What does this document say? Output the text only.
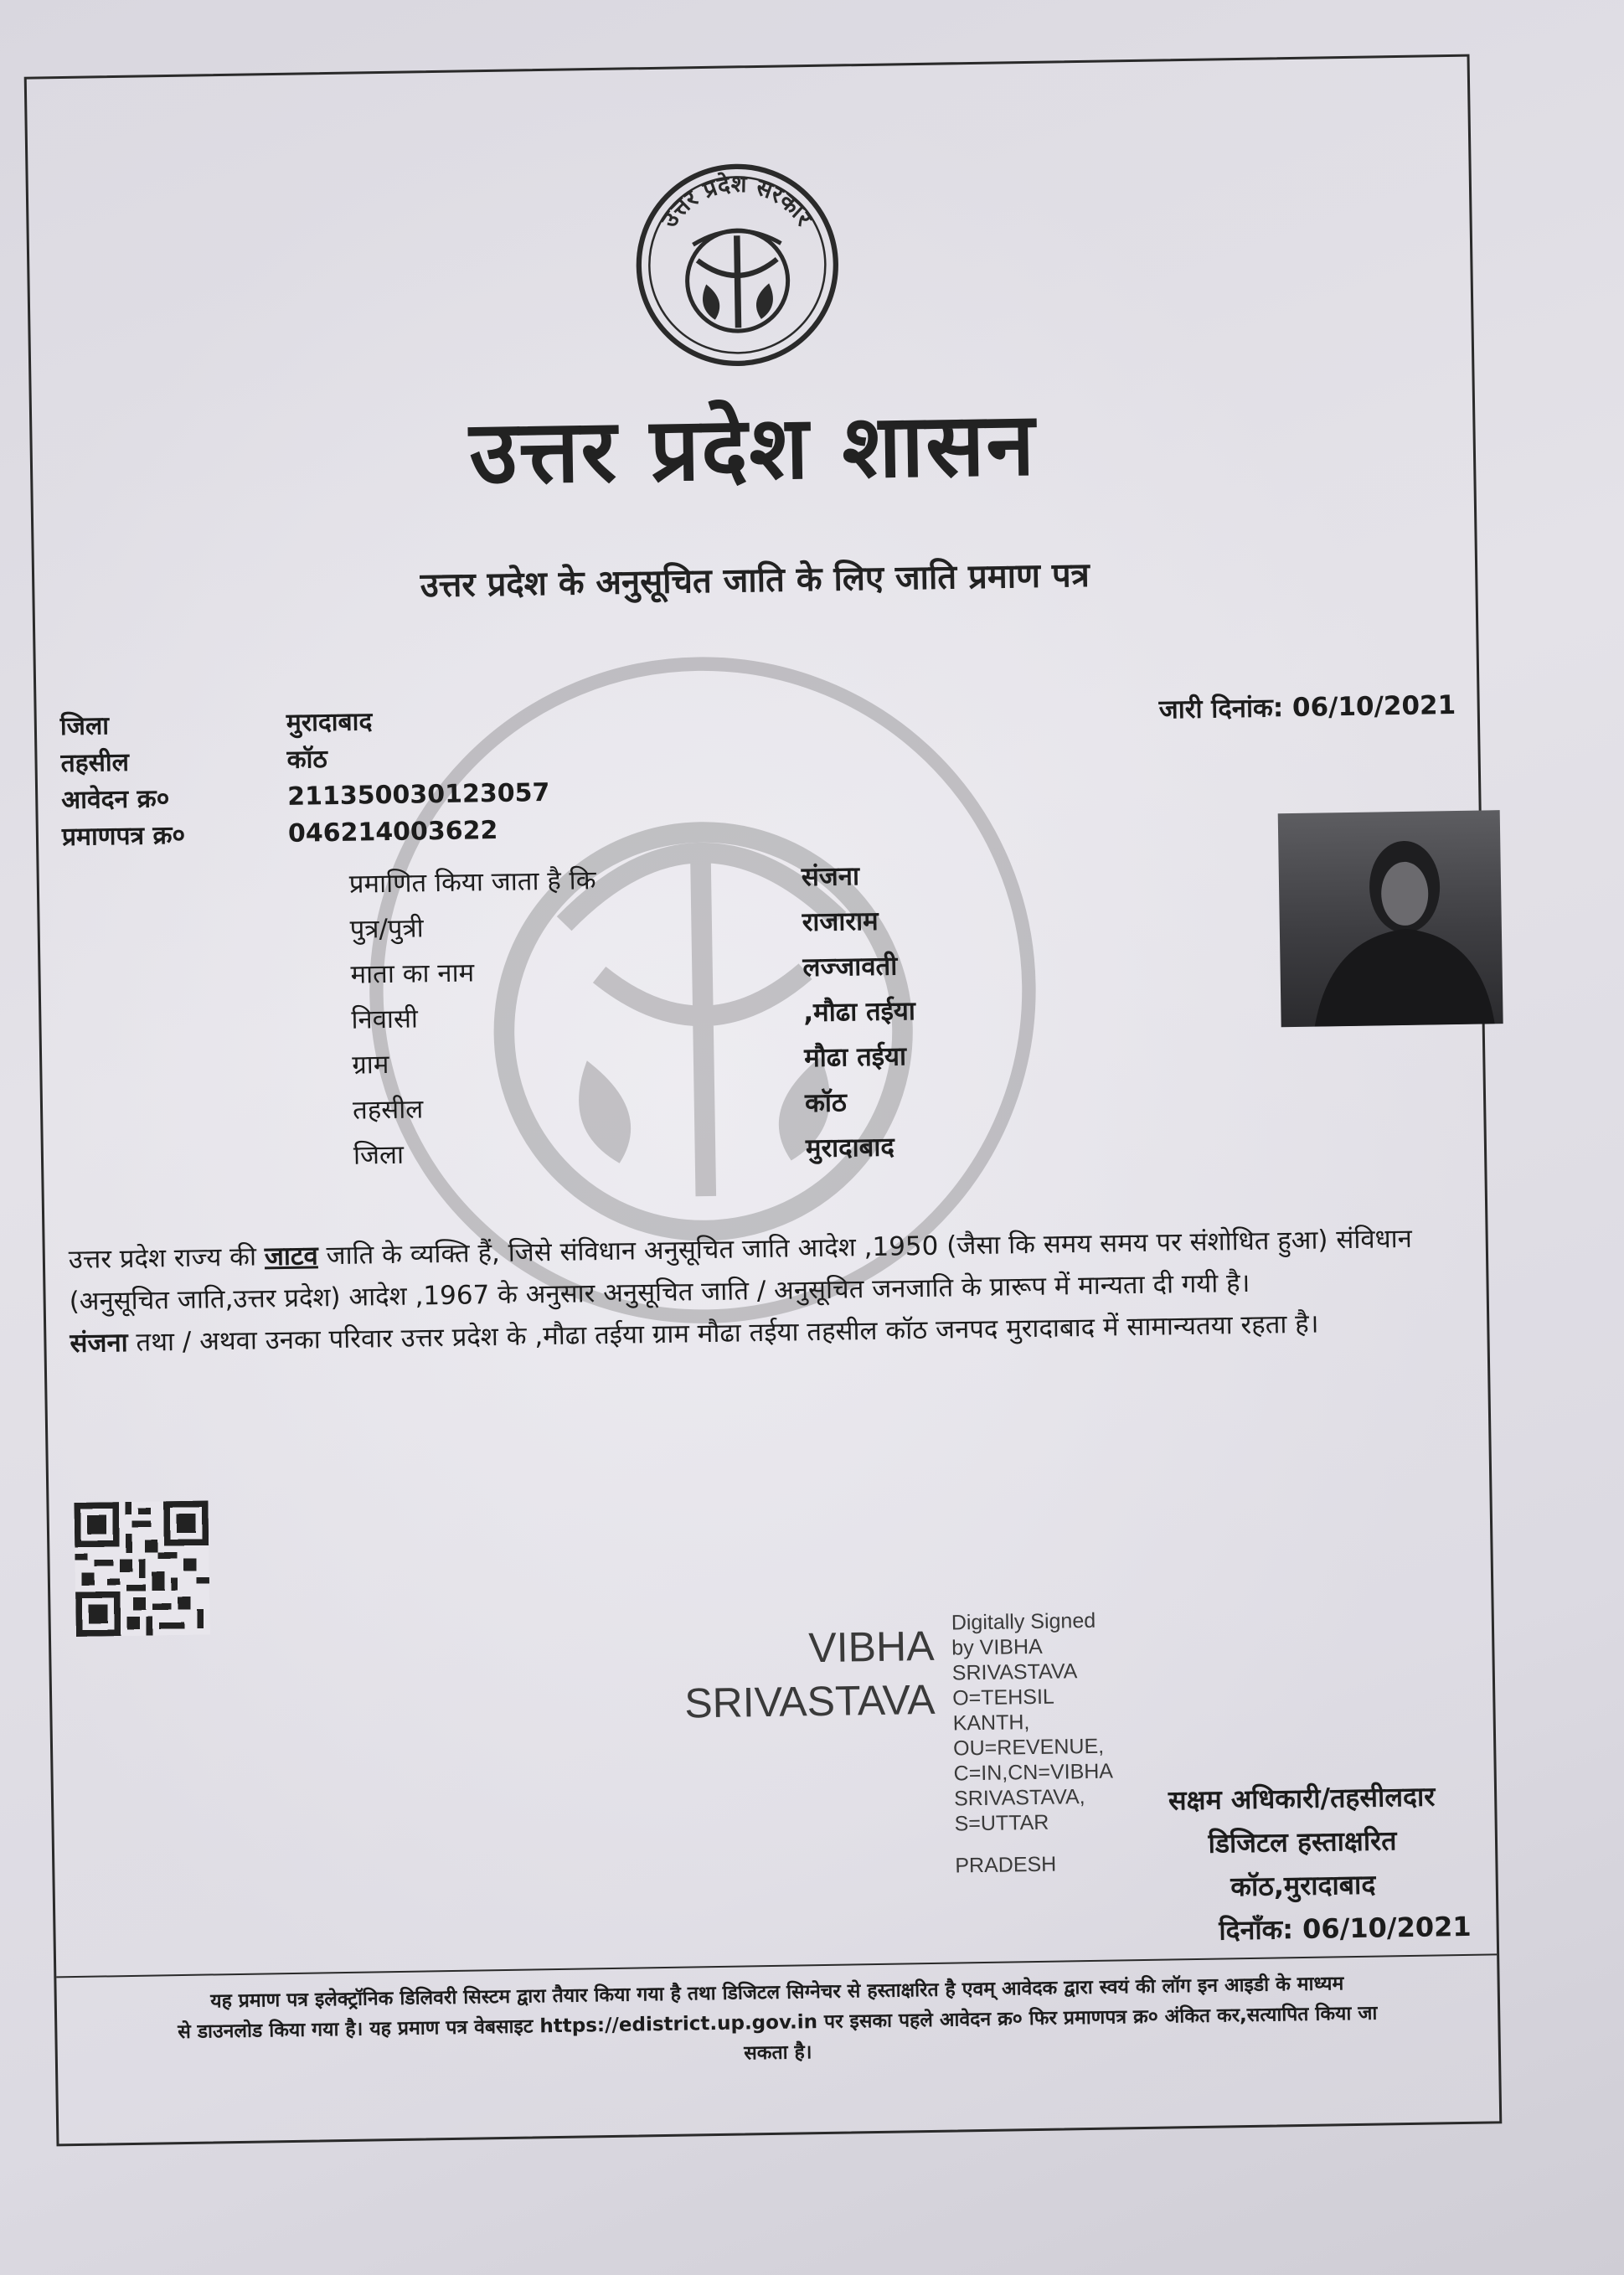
उत्तर प्रदेश सरकार
उत्तर प्रदेश शासन
उत्तर प्रदेश के अनुसूचित जाति के लिए जाति प्रमाण पत्र
जिला	मुरादाबाद
तहसील	कॉठ
आवेदन क्र०	211350030123057
प्रमाणपत्र क्र०	046214003622
जारी दिनांक: 06/10/2021
प्रमाणित किया जाता है कि	संजना
पुत्र/पुत्री	राजाराम
माता का नाम	लज्जावती
निवासी	,मौढा तईया
ग्राम	मौढा तईया
तहसील	कॉठ
जिला	मुरादाबाद
उत्तर प्रदेश राज्य की जाटव जाति के व्यक्ति हैं, जिसे संविधान अनुसूचित जाति आदेश ,1950 (जैसा कि समय समय पर संशोधित हुआ) संविधान (अनुसूचित जाति,उत्तर प्रदेश) आदेश ,1967 के अनुसार अनुसूचित जाति / अनुसूचित जनजाति के प्रारूप में मान्यता दी गयी है।
संजना तथा / अथवा उनका परिवार उत्तर प्रदेश के ,मौढा तईया ग्राम मौढा तईया तहसील कॉठ जनपद मुरादाबाद में सामान्यतया रहता है।
VIBHA
SRIVASTAVA
Digitally Signed
by VIBHA
SRIVASTAVA
O=TEHSIL
KANTH,
OU=REVENUE,
C=IN,CN=VIBHA
SRIVASTAVA,
S=UTTAR
PRADESH
सक्षम अधिकारी/तहसीलदार
डिजिटल हस्ताक्षरित
कॉठ,मुरादाबाद
दिनॉंक: 06/10/2021
यह प्रमाण पत्र इलेक्ट्रॉनिक डिलिवरी सिस्टम द्वारा तैयार किया गया है तथा डिजिटल सिग्नेचर से हस्ताक्षरित है एवम् आवेदक द्वारा स्वयं की लॉग इन आइडी के माध्यम
से डाउनलोड किया गया है। यह प्रमाण पत्र वेबसाइट https://edistrict.up.gov.in पर इसका पहले आवेदन क्र० फिर प्रमाणपत्र क्र० अंकित कर,सत्यापित किया जा
सकता है।
